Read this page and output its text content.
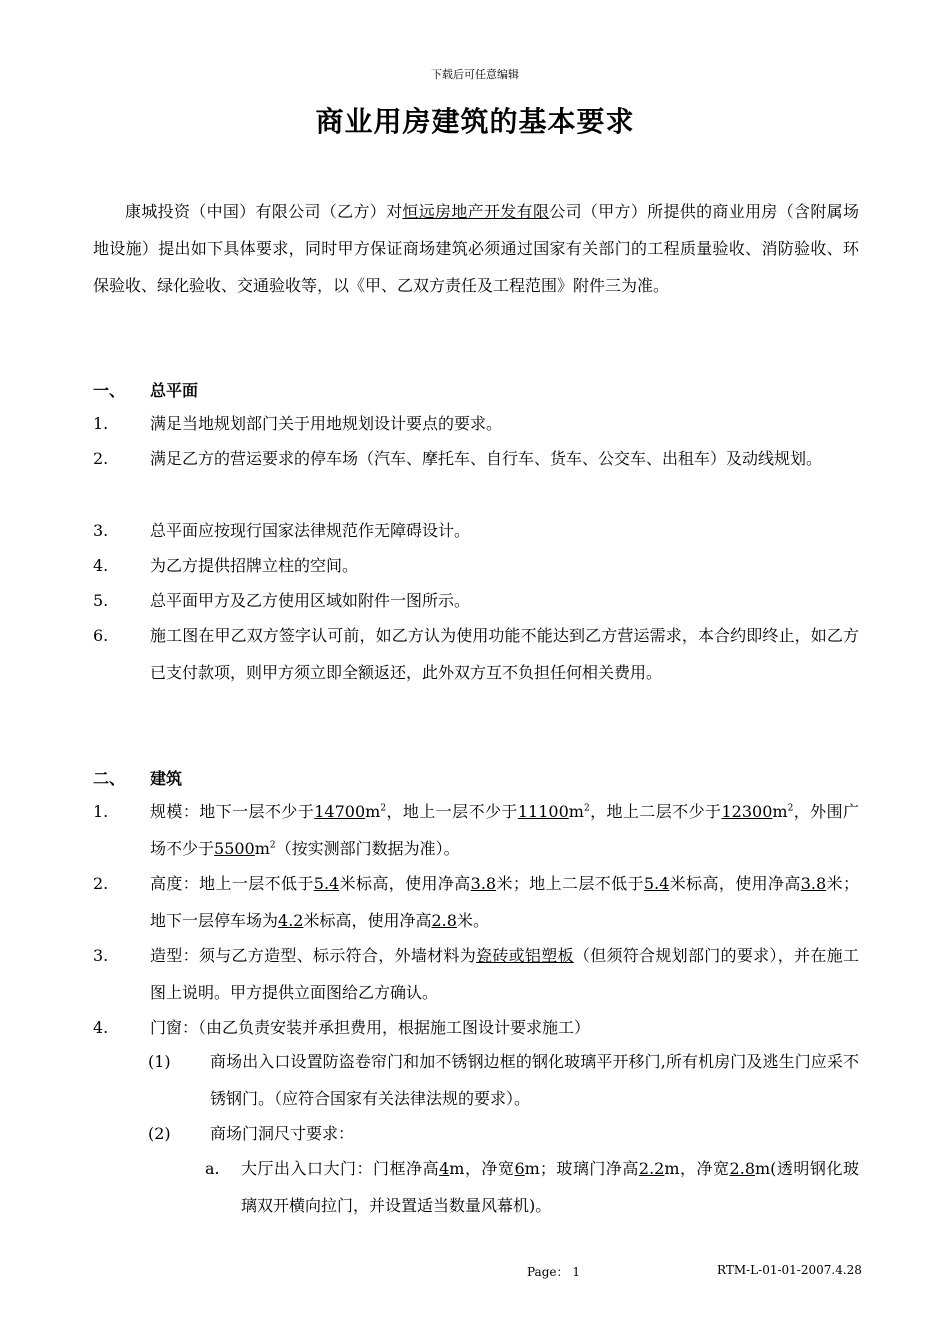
下载后可任意编辑
商业用房建筑的基本要求
康城投资（中国）有限公司（乙方）对恒远房地产开发有限公司（甲方）所提供的商业用房（含附属场地设施）提出如下具体要求，同时甲方保证商场建筑必须通过国家有关部门的工程质量验收、消防验收、环保验收、绿化验收、交通验收等，以《甲、乙双方责任及工程范围》附件三为准。
一、 总平面
1.	满足当地规划部门关于用地规划设计要点的要求。
2.	满足乙方的营运要求的停车场（汽车、摩托车、自行车、货车、公交车、出租车）及动线规划。
3.	总平面应按现行国家法律规范作无障碍设计。
4.	为乙方提供招牌立柱的空间。
5.	总平面甲方及乙方使用区域如附件一图所示。
6.	施工图在甲乙双方签字认可前，如乙方认为使用功能不能达到乙方营运需求，本合约即终止，如乙方已支付款项，则甲方须立即全额返还，此外双方互不负担任何相关费用。
二、 建筑
1.	规模：地下一层不少于$14700m^2$，地上一层不少于$11100m^2$，地上二层不少于$12300m^2$，外围广场不少于$5500m^2$（按实测部门数据为准）。
2.	高度：地上一层不低于5.4米标高，使用净高3.8米；地上二层不低于5.4米标高，使用净高3.8米；地下一层停车场为4.2米标高，使用净高2.8米。
3.	造型：须与乙方造型、标示符合，外墙材料为瓷砖或铝塑板（但须符合规划部门的要求），并在施工图上说明。甲方提供立面图给乙方确认。
4.	门窗：（由乙负责安装并承担费用，根据施工图设计要求施工）
(1) 商场出入口设置防盗卷帘门和加不锈钢边框的钢化玻璃平开移门,所有机房门及逃生门应采不锈钢门。（应符合国家有关法律法规的要求）。
(2) 商场门洞尺寸要求：
a. 大厅出入口大门：门框净高4m，净宽6m；玻璃门净高2.2m，净宽2.8m(透明钢化玻璃双开横向拉门，并设置适当数量风幕机)。
Page： 1	RTM-L-01-01-2007.4.28
